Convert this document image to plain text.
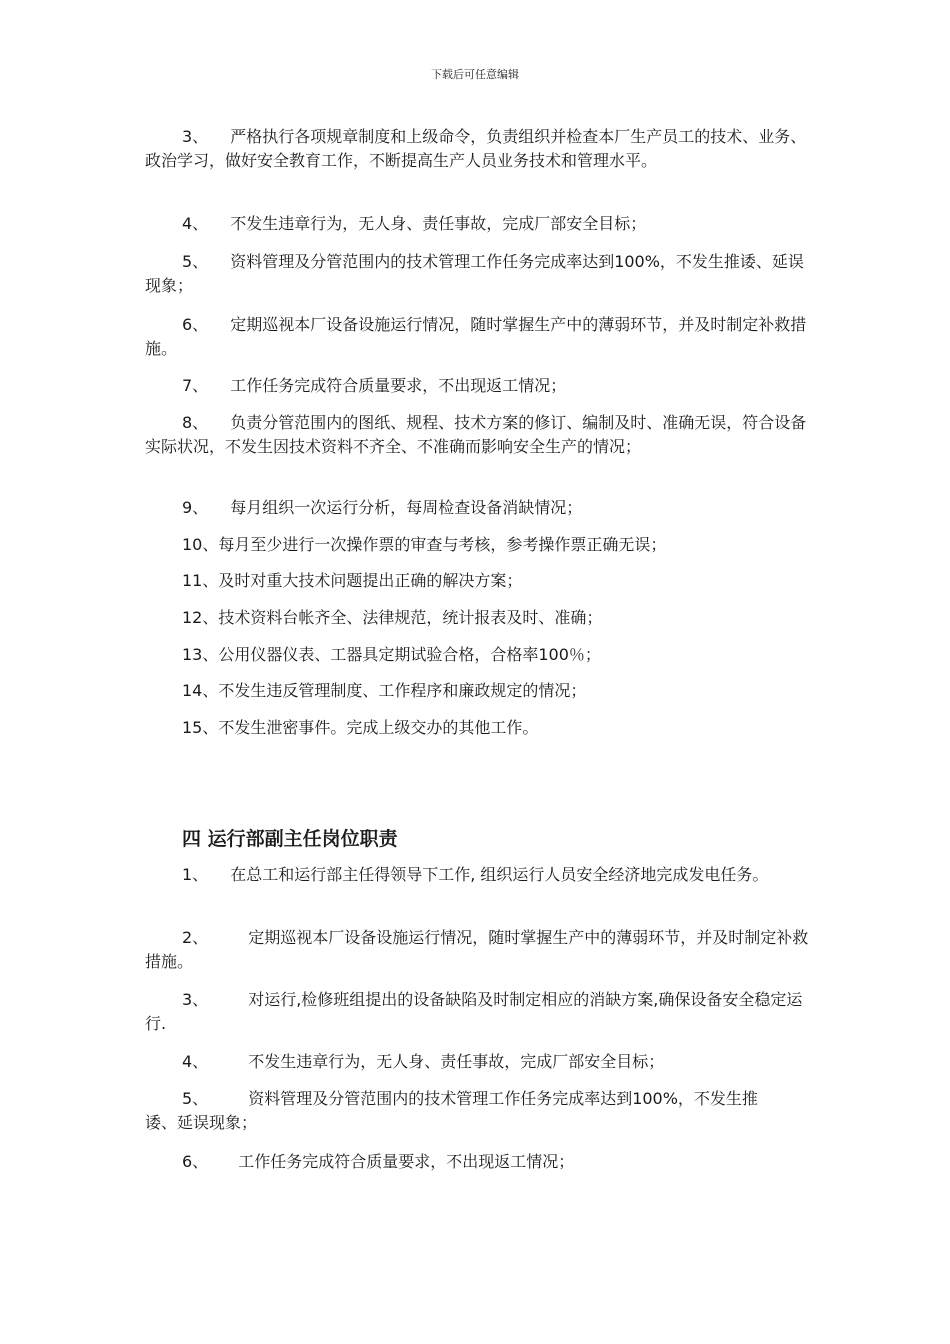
下载后可任意编辑

3、 严格执行各项规章制度和上级命令，负责组织并检查本厂生产员工的技术、业务、政治学习，做好安全教育工作，不断提高生产人员业务技术和管理水平。

4、 不发生违章行为，无人身、责任事故，完成厂部安全目标；

5、 资料管理及分管范围内的技术管理工作任务完成率达到100%，不发生推诿、延误现象；

6、 定期巡视本厂设备设施运行情况，随时掌握生产中的薄弱环节，并及时制定补救措施。

7、 工作任务完成符合质量要求，不出现返工情况；

8、 负责分管范围内的图纸、规程、技术方案的修订、编制及时、准确无误，符合设备实际状况，不发生因技术资料不齐全、不准确而影响安全生产的情况；

9、 每月组织一次运行分析，每周检查设备消缺情况；

10、每月至少进行一次操作票的审查与考核，参考操作票正确无误；

11、及时对重大技术问题提出正确的解决方案；

12、技术资料台帐齐全、法律规范，统计报表及时、准确；

13、公用仪器仪表、工器具定期试验合格，合格率100％；

14、不发生违反管理制度、工作程序和廉政规定的情况；

15、不发生泄密事件。完成上级交办的其他工作。

四 运行部副主任岗位职责

1、 在总工和运行部主任得领导下工作, 组织运行人员安全经济地完成发电任务。

2、	定期巡视本厂设备设施运行情况，随时掌握生产中的薄弱环节，并及时制定补救措施。

3、	对运行,检修班组提出的设备缺陷及时制定相应的消缺方案,确保设备安全稳定运行.

4、	不发生违章行为，无人身、责任事故，完成厂部安全目标；

5、	资料管理及分管范围内的技术管理工作任务完成率达到100%，不发生推诿、延误现象；

6、 工作任务完成符合质量要求，不出现返工情况；
